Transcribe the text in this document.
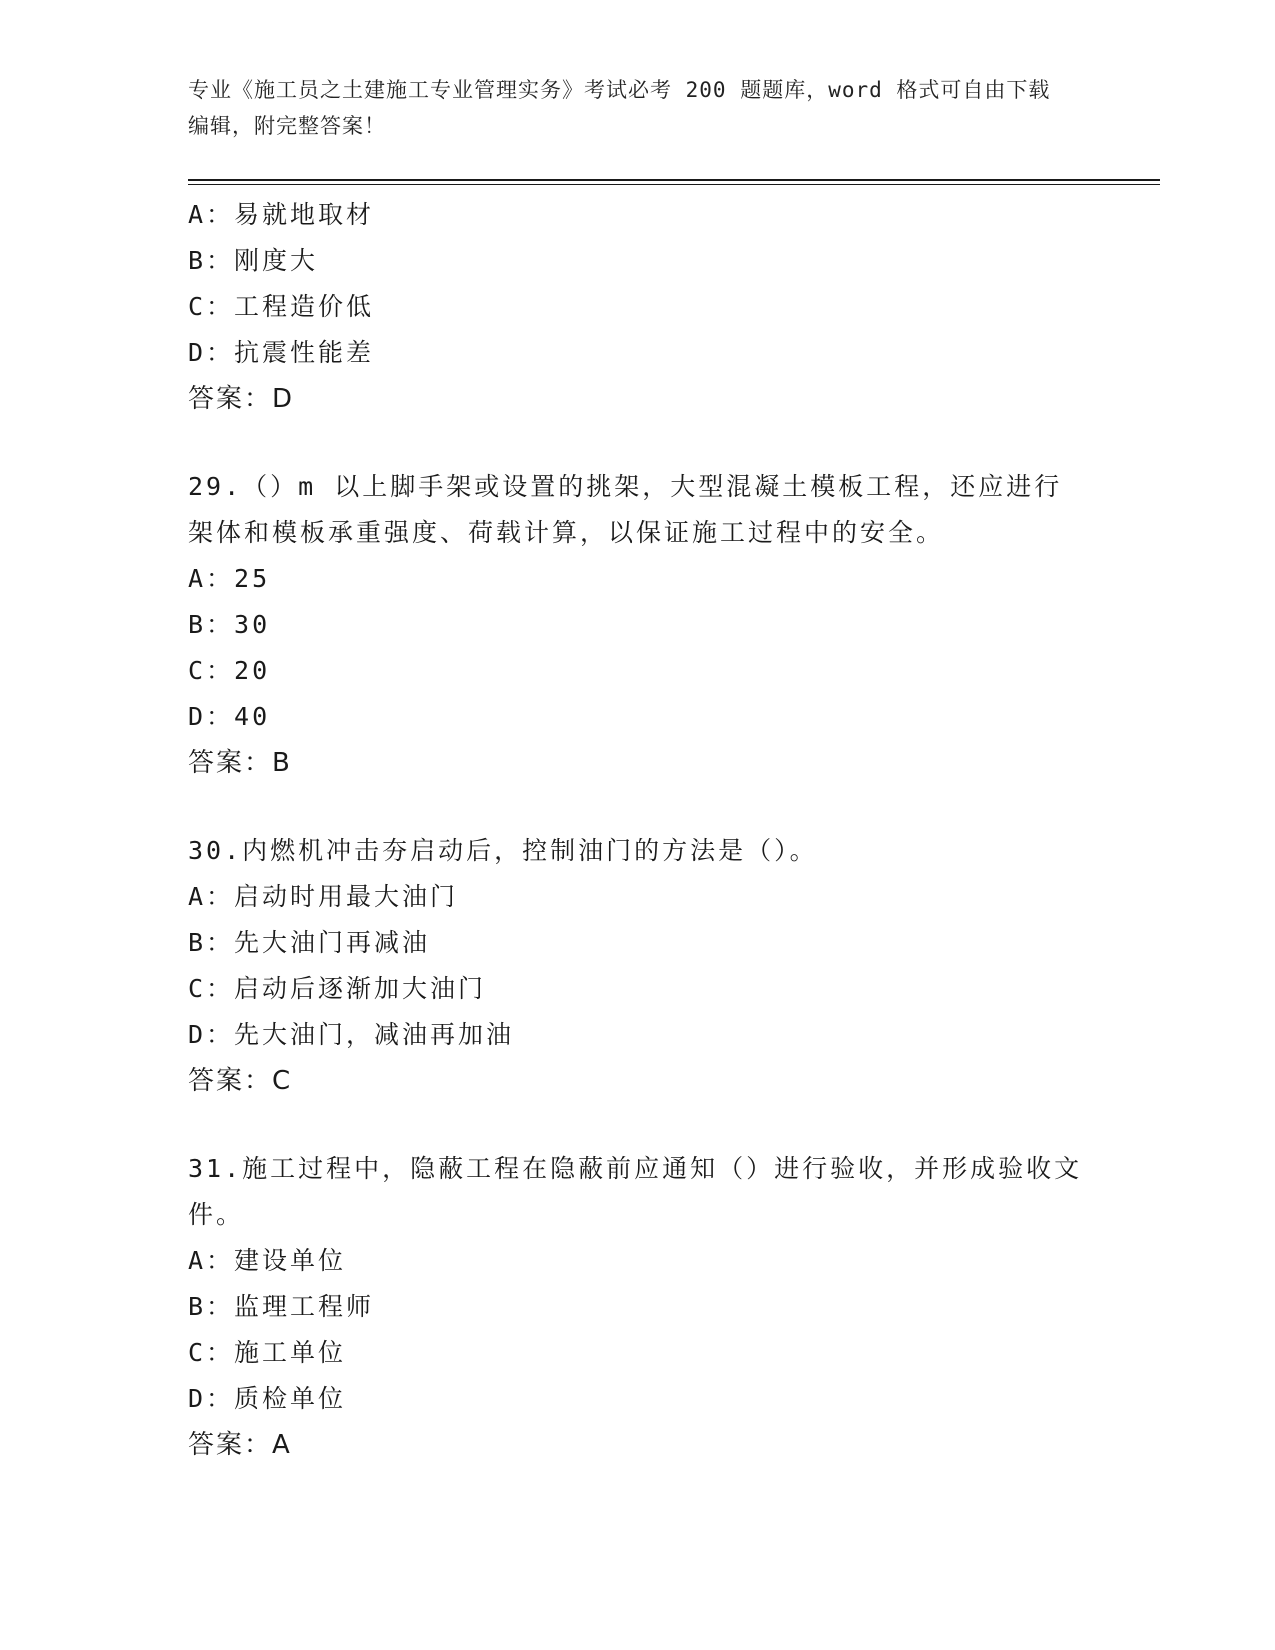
专业《施工员之土建施工专业管理实务》考试必考 200 题题库，word 格式可自由下载编辑，附完整答案！

A：易就地取材

B：刚度大

C：工程造价低

D：抗震性能差

答案：D

29.（）m 以上脚手架或设置的挑架，大型混凝土模板工程，还应进行架体和模板承重强度、荷载计算，以保证施工过程中的安全。

A：25

B：30

C：20

D：40

答案：B

30.内燃机冲击夯启动后，控制油门的方法是（）。

A：启动时用最大油门

B：先大油门再减油

C：启动后逐渐加大油门

D：先大油门，减油再加油

答案：C

31.施工过程中，隐蔽工程在隐蔽前应通知（）进行验收，并形成验收文件。

A：建设单位

B：监理工程师

C：施工单位

D：质检单位

答案：A
